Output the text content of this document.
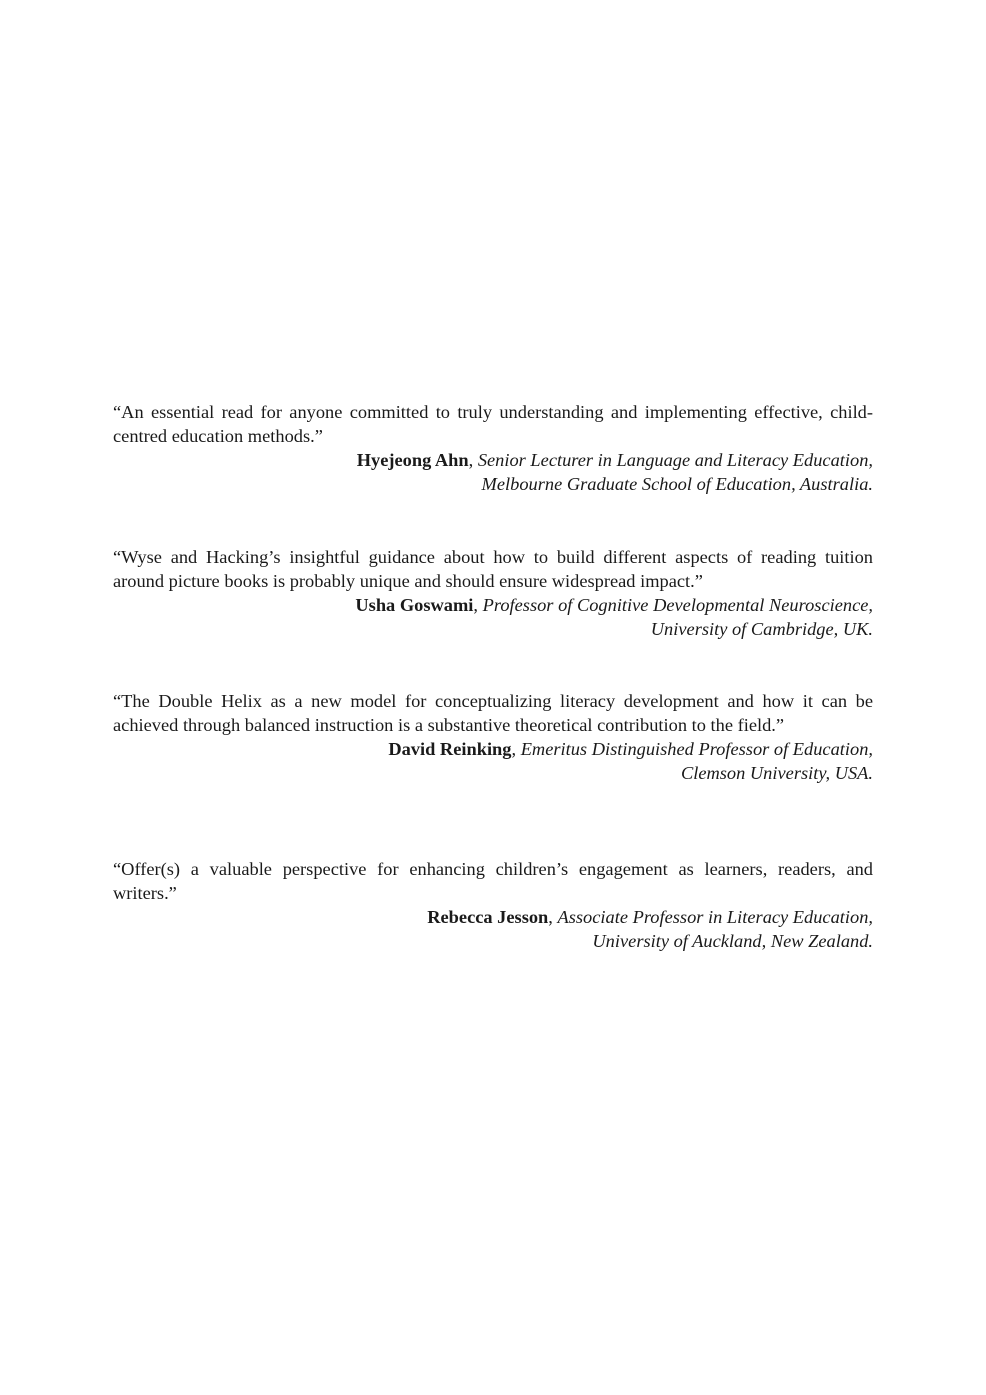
“An essential read for anyone committed to truly understanding and implementing effective, child-centred education methods.”

Hyejeong Ahn, Senior Lecturer in Language and Literacy Education,
Melbourne Graduate School of Education, Australia.

“Wyse and Hacking’s insightful guidance about how to build different aspects of reading tuition around picture books is probably unique and should ensure widespread impact.”

Usha Goswami, Professor of Cognitive Developmental Neuroscience,
University of Cambridge, UK.

“The Double Helix as a new model for conceptualizing literacy development and how it can be achieved through balanced instruction is a substantive theoretical contribution to the field.”

David Reinking, Emeritus Distinguished Professor of Education,
Clemson University, USA.

“Offer(s) a valuable perspective for enhancing children’s engagement as learners, readers, and writers.”

Rebecca Jesson, Associate Professor in Literacy Education,
University of Auckland, New Zealand.
